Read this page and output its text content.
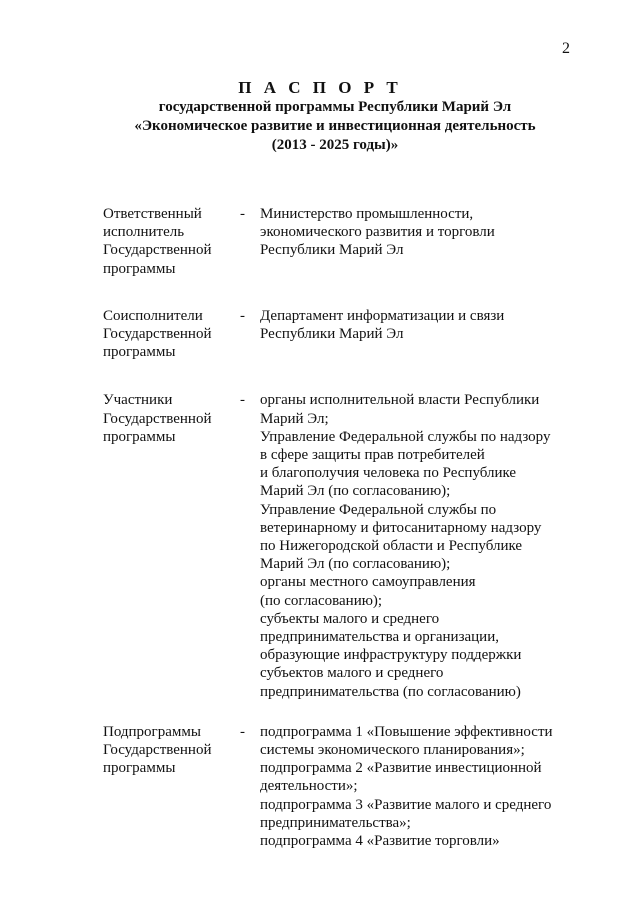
2
П А С П О Р Т
государственной программы Республики Марий Эл
«Экономическое развитие и инвестиционная деятельность
(2013 - 2025 годы)»
Ответственный
исполнитель
Государственной
программы
-	Министерство промышленности,
экономического развития и торговли
Республики Марий Эл
Соисполнители
Государственной
программы
-	Департамент информатизации и связи
Республики Марий Эл
Участники
Государственной
программы
-	органы исполнительной власти Республики
Марий Эл;
Управление Федеральной службы по надзору
в сфере защиты прав потребителей
и благополучия человека по Республике
Марий Эл (по согласованию);
Управление Федеральной службы по
ветеринарному и фитосанитарному надзору
по Нижегородской области и Республике
Марий Эл (по согласованию);
органы местного самоуправления
(по согласованию);
субъекты малого и среднего
предпринимательства и организации,
образующие инфраструктуру поддержки
субъектов малого и среднего
предпринимательства (по согласованию)
Подпрограммы
Государственной
программы
-	подпрограмма 1 «Повышение эффективности
системы экономического планирования»;
подпрограмма 2 «Развитие инвестиционной
деятельности»;
подпрограмма 3 «Развитие малого и среднего
предпринимательства»;
подпрограмма 4 «Развитие торговли»
